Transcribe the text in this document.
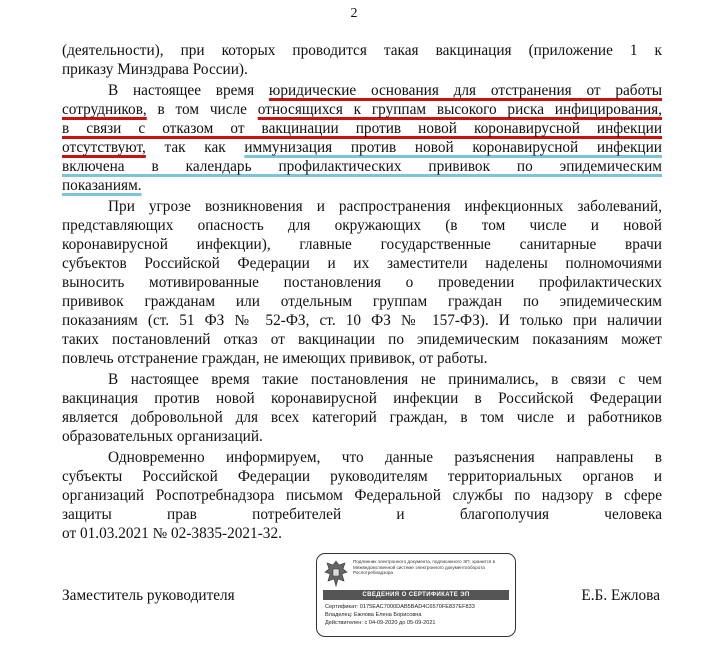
2
(деятельности), при которых проводится такая вакцинация (приложение 1 к
приказу Минздрава России).
В настоящее время юридические основания для отстранения от работы
сотрудников, в том числе относящихся к группам высокого риска инфицирования,
в связи с отказом от вакцинации против новой коронавирусной инфекции
отсутствуют, так как иммунизация против новой коронавирусной инфекции
включена в календарь профилактических прививок по эпидемическим
показаниям.
При угрозе возникновения и распространения инфекционных заболеваний,
представляющих опасность для окружающих (в том числе и новой
коронавирусной инфекции), главные государственные санитарные врачи
субъектов Российской Федерации и их заместители наделены полномочиями
выносить мотивированные постановления о проведении профилактических
прививок гражданам или отдельным группам граждан по эпидемическим
показаниям (ст. 51 ФЗ № 52-ФЗ, ст. 10 ФЗ № 157-ФЗ). И только при наличии
таких постановлений отказ от вакцинации по эпидемическим показаниям может
повлечь отстранение граждан, не имеющих прививок, от работы.
В настоящее время такие постановления не принимались, в связи с чем
вакцинация против новой коронавирусной инфекции в Российской Федерации
является добровольной для всех категорий граждан, в том числе и работников
образовательных организаций.
Одновременно информируем, что данные разъяснения направлены в
субъекты Российской Федерации руководителям территориальных органов и
организаций Роспотребнадзора письмом Федеральной службы по надзору в сфере
защиты прав потребителей и благополучия человека
от 01.03.2021 № 02-3835-2021-32.
Заместитель руководителя	Е.Б. Ежлова
Подлинник электронного документа, подписанного ЭП, хранится в Межведомственной системе электронного документооборота Роспотребнадзора
СВЕДЕНИЯ О СЕРТИФИКАТЕ ЭП
Сертификат: 0175EAC7000DAB5BAD4C6570FE837EF833
Владелец: Ежлова Елена Борисовна
Действителен: с 04-09-2020 до 05-09-2021
